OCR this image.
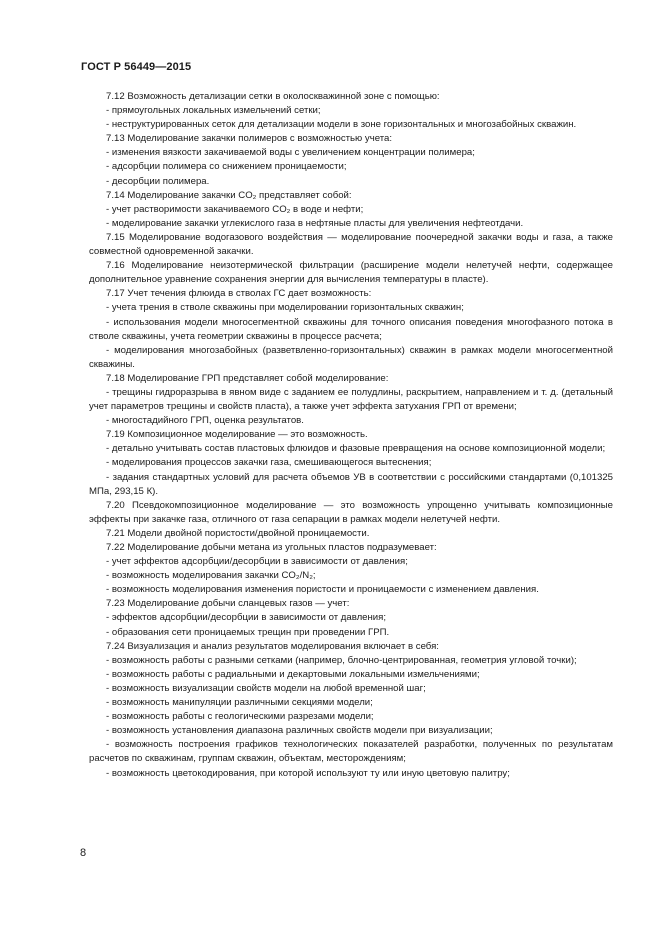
ГОСТ Р 56449—2015

7.12 Возможность детализации сетки в околоскважинной зоне с помощью:

- прямоугольных локальных измельчений сетки;

- неструктурированных сеток для детализации модели в зоне горизонтальных и многозабойных скважин.

7.13 Моделирование закачки полимеров с возможностью учета:

- изменения вязкости закачиваемой воды с увеличением концентрации полимера;

- адсорбции полимера со снижением проницаемости;

- десорбции полимера.

7.14 Моделирование закачки CO₂ представляет собой:

- учет растворимости закачиваемого CO₂ в воде и нефти;

- моделирование закачки углекислого газа в нефтяные пласты для увеличения нефтеотдачи.

7.15 Моделирование водогазового воздействия — моделирование поочередной закачки воды и газа, а также совместной одновременной закачки.

7.16 Моделирование неизотермической фильтрации (расширение модели нелетучей нефти, содержащее дополнительное уравнение сохранения энергии для вычисления температуры в пласте).

7.17 Учет течения флюида в стволах ГС дает возможность:

- учета трения в стволе скважины при моделировании горизонтальных скважин;

- использования модели многосегментной скважины для точного описания поведения многофазного потока в стволе скважины, учета геометрии скважины в процессе расчета;

- моделирования многозабойных (разветвленно-горизонтальных) скважин в рамках модели многосегментной скважины.

7.18 Моделирование ГРП представляет собой моделирование:

- трещины гидроразрыва в явном виде с заданием ее полудлины, раскрытием, направлением и т. д. (детальный учет параметров трещины и свойств пласта), а также учет эффекта затухания ГРП от времени;

- многостадийного ГРП, оценка результатов.

7.19 Композиционное моделирование — это возможность.

- детально учитывать состав пластовых флюидов и фазовые превращения на основе композиционной модели;

- моделирования процессов закачки газа, смешивающегося вытеснения;

- задания стандартных условий для расчета объемов УВ в соответствии с российскими стандартами (0,101325 МПа, 293,15 К).

7.20 Псевдокомпозиционное моделирование — это возможность упрощенно учитывать композиционные эффекты при закачке газа, отличного от газа сепарации в рамках модели нелетучей нефти.

7.21 Модели двойной пористости/двойной проницаемости.

7.22 Моделирование добычи метана из угольных пластов подразумевает:

- учет эффектов адсорбции/десорбции в зависимости от давления;

- возможность моделирования закачки CO₂/N₂;

- возможность моделирования изменения пористости и проницаемости с изменением давления.

7.23 Моделирование добычи сланцевых газов — учет:

- эффектов адсорбции/десорбции в зависимости от давления;

- образования сети проницаемых трещин при проведении ГРП.

7.24 Визуализация и анализ результатов моделирования включает в себя:

- возможность работы с разными сетками (например, блочно-центрированная, геометрия угловой точки);

- возможность работы с радиальными и декартовыми локальными измельчениями;

- возможность визуализации свойств модели на любой временной шаг;

- возможность манипуляции различными секциями модели;

- возможность работы с геологическими разрезами модели;

- возможность установления диапазона различных свойств модели при визуализации;

- возможность построения графиков технологических показателей разработки, полученных по результатам расчетов по скважинам, группам скважин, объектам, месторождениям;

- возможность цветокодирования, при которой используют ту или иную цветовую палитру;

8
